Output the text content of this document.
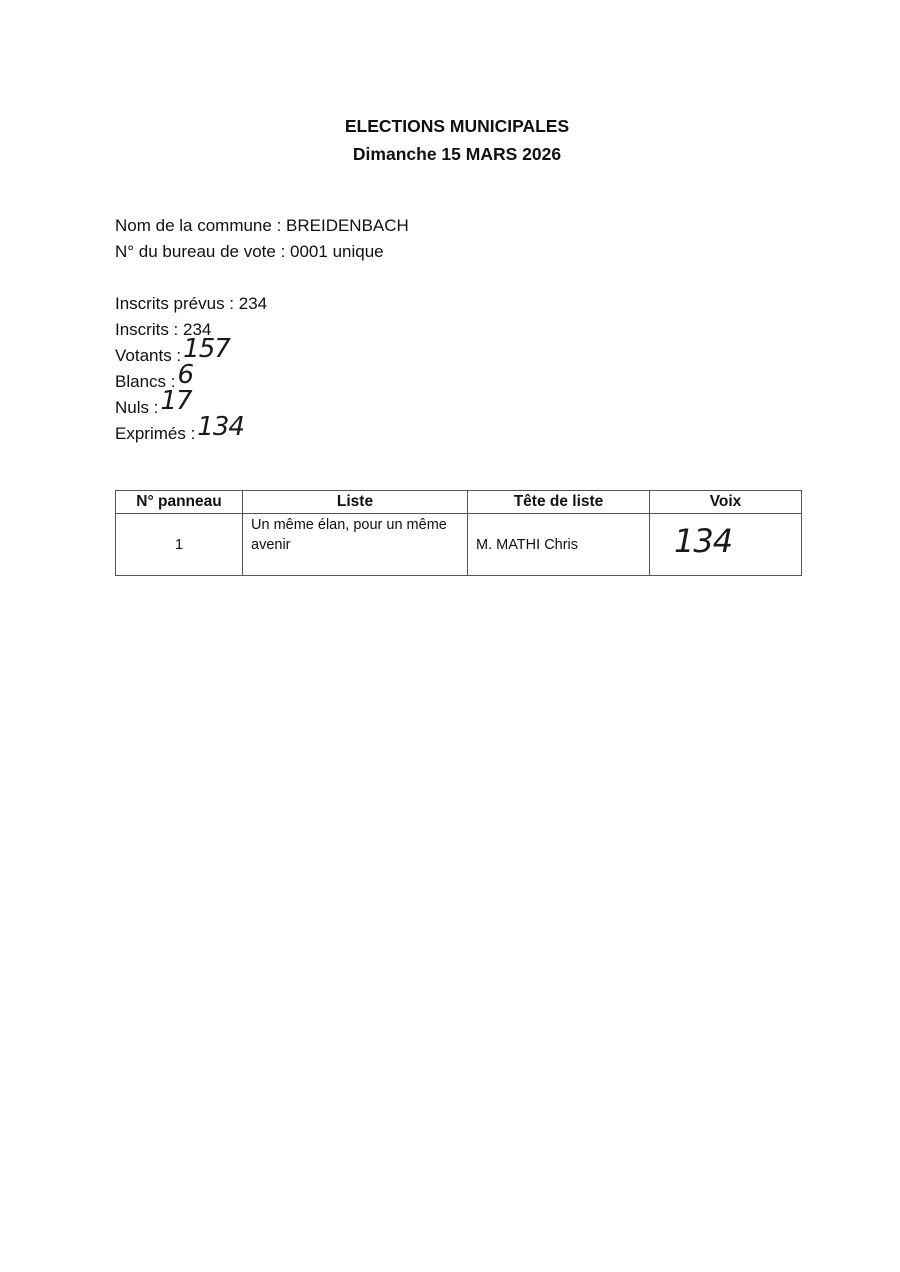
ELECTIONS MUNICIPALES
Dimanche 15 MARS 2026
Nom de la commune : BREIDENBACH
N° du bureau de vote : 0001 unique
Inscrits prévus : 234
Inscrits : 234
Votants :157
Blancs :6
Nuls :17
Exprimés :134
N° panneau	Liste	Tête de liste	Voix
1	Un même élan, pour un même avenir	M. MATHI Chris	134
